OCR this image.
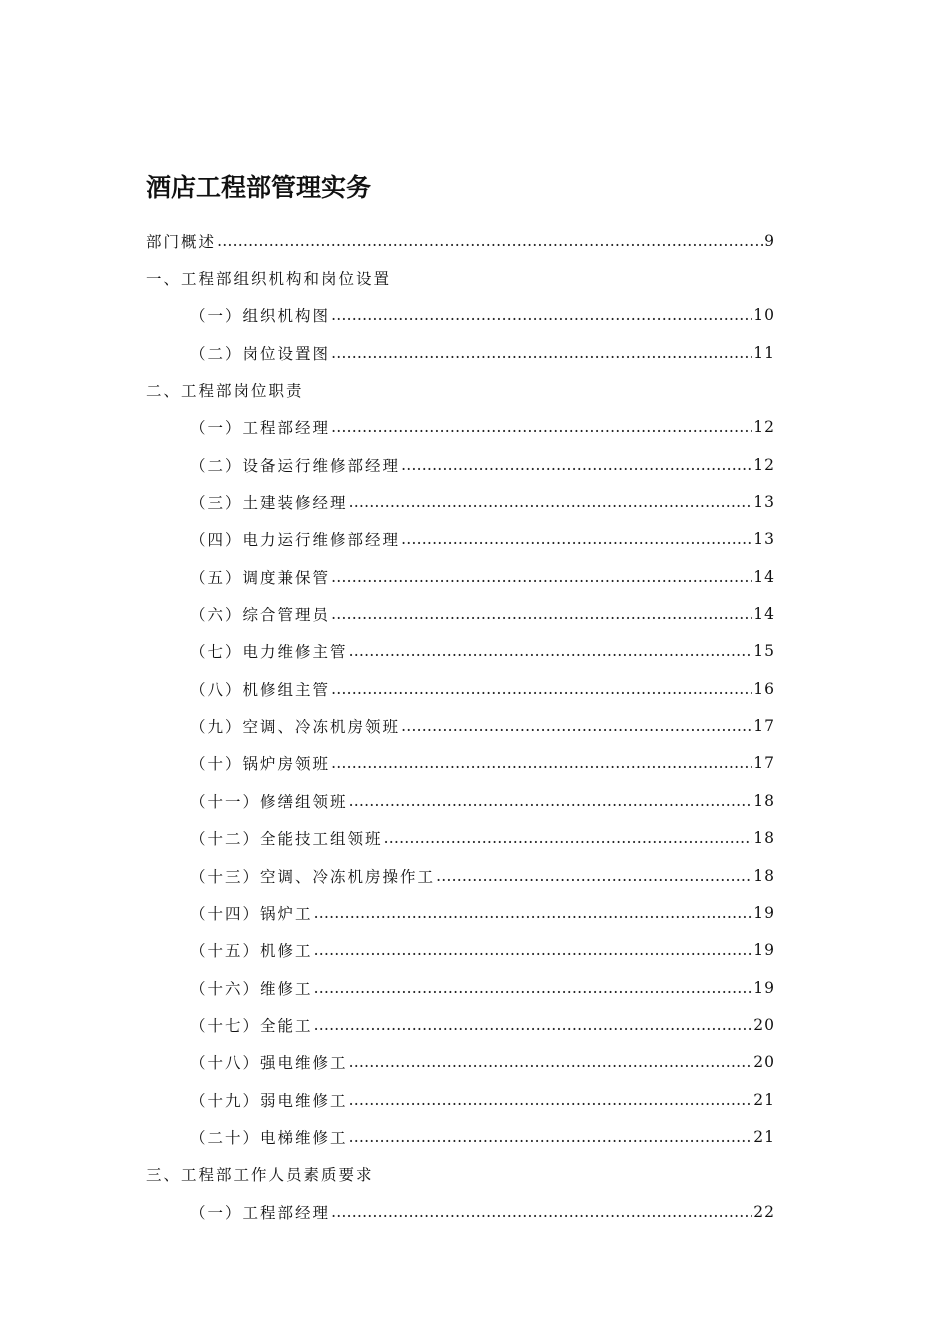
酒店工程部管理实务
部门概述 …………………………………………………………………………………………………………………………………………………………………………………………	9
一、工程部组织机构和岗位设置
（一）组织机构图 …………………………………………………………………………………………………………………………………………………………………………………………	10
（二）岗位设置图 …………………………………………………………………………………………………………………………………………………………………………………………	11
二、工程部岗位职责
（一）工程部经理 …………………………………………………………………………………………………………………………………………………………………………………………	12
（二）设备运行维修部经理 …………………………………………………………………………………………………………………………………………………………………………………………	12
（三）土建装修经理 …………………………………………………………………………………………………………………………………………………………………………………………	13
（四）电力运行维修部经理 …………………………………………………………………………………………………………………………………………………………………………………………	13
（五）调度兼保管 …………………………………………………………………………………………………………………………………………………………………………………………	14
（六）综合管理员 …………………………………………………………………………………………………………………………………………………………………………………………	14
（七）电力维修主管 …………………………………………………………………………………………………………………………………………………………………………………………	15
（八）机修组主管 …………………………………………………………………………………………………………………………………………………………………………………………	16
（九）空调、冷冻机房领班 …………………………………………………………………………………………………………………………………………………………………………………………	17
（十）锅炉房领班 …………………………………………………………………………………………………………………………………………………………………………………………	17
（十一）修缮组领班 …………………………………………………………………………………………………………………………………………………………………………………………	18
（十二）全能技工组领班 …………………………………………………………………………………………………………………………………………………………………………………………	18
（十三）空调、冷冻机房操作工 …………………………………………………………………………………………………………………………………………………………………………………………	18
（十四）锅炉工 …………………………………………………………………………………………………………………………………………………………………………………………	19
（十五）机修工 …………………………………………………………………………………………………………………………………………………………………………………………	19
（十六）维修工 …………………………………………………………………………………………………………………………………………………………………………………………	19
（十七）全能工 …………………………………………………………………………………………………………………………………………………………………………………………	20
（十八）强电维修工 …………………………………………………………………………………………………………………………………………………………………………………………	20
（十九）弱电维修工 …………………………………………………………………………………………………………………………………………………………………………………………	21
（二十）电梯维修工 …………………………………………………………………………………………………………………………………………………………………………………………	21
三、工程部工作人员素质要求
（一）工程部经理 …………………………………………………………………………………………………………………………………………………………………………………………	22
